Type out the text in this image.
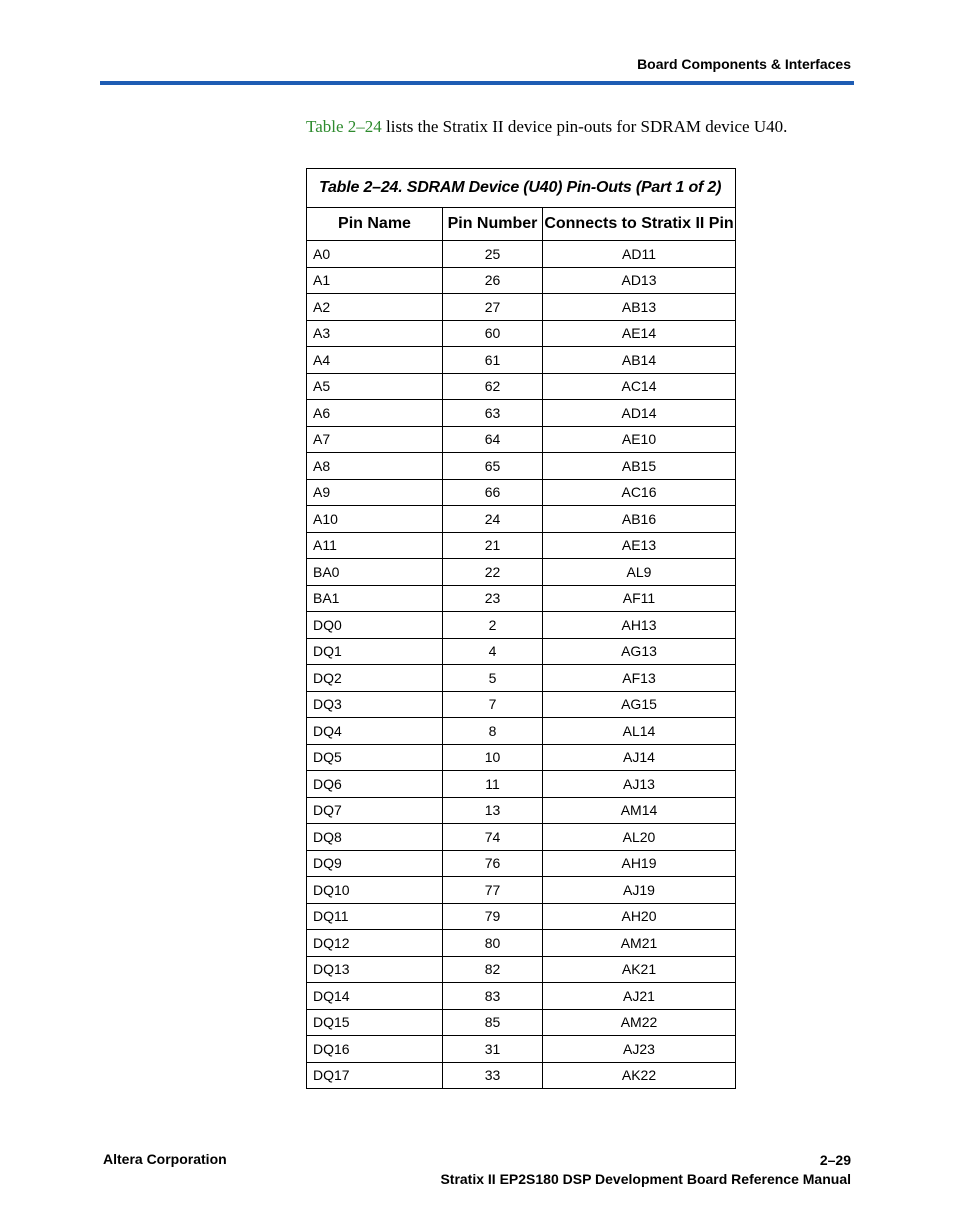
Board Components & Interfaces
Table 2–24 lists the Stratix II device pin-outs for SDRAM device U40.
Table 2–24. SDRAM Device (U40) Pin-Outs (Part 1 of 2)		
Pin Name	Pin Number	Connects to Stratix II Pin
A0	25	AD11
A1	26	AD13
A2	27	AB13
A3	60	AE14
A4	61	AB14
A5	62	AC14
A6	63	AD14
A7	64	AE10
A8	65	AB15
A9	66	AC16
A10	24	AB16
A11	21	AE13
BA0	22	AL9
BA1	23	AF11
DQ0	2	AH13
DQ1	4	AG13
DQ2	5	AF13
DQ3	7	AG15
DQ4	8	AL14
DQ5	10	AJ14
DQ6	11	AJ13
DQ7	13	AM14
DQ8	74	AL20
DQ9	76	AH19
DQ10	77	AJ19
DQ11	79	AH20
DQ12	80	AM21
DQ13	82	AK21
DQ14	83	AJ21
DQ15	85	AM22
DQ16	31	AJ23
DQ17	33	AK22
Altera Corporation	2–29
Stratix II EP2S180 DSP Development Board Reference Manual
